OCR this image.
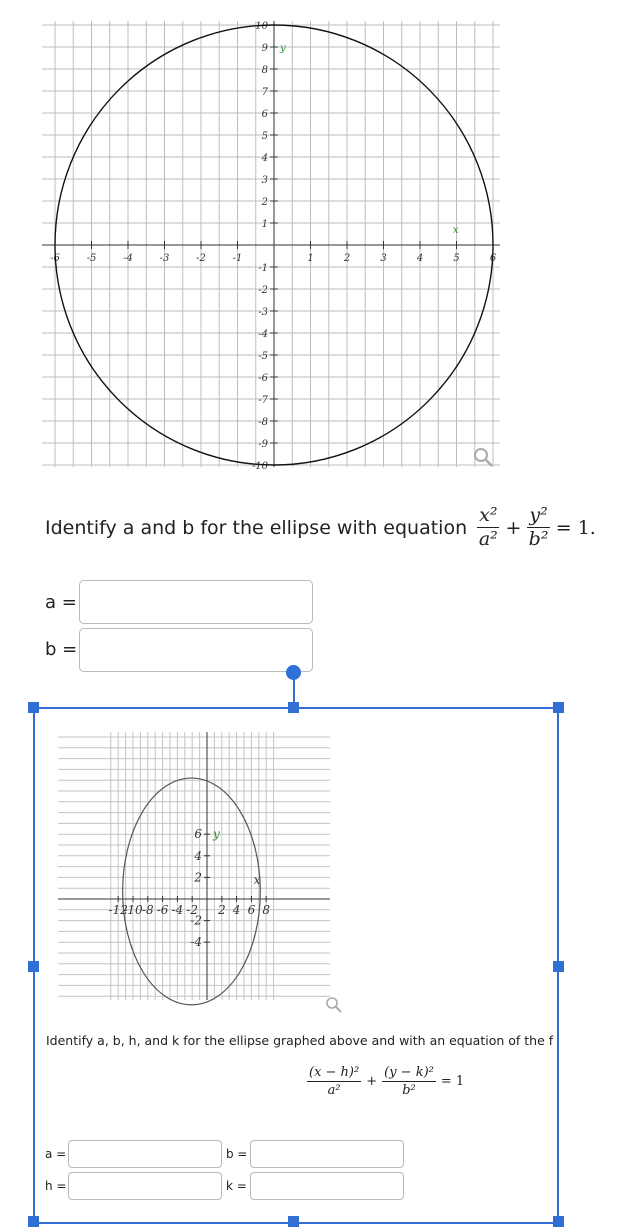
-6	-5	-4	-3	-2	-1	1	2	3	4	5	6
10
9
8
7
6
5
4
3
2
1
-1
-2
-3
-4
-5
-6
-7
-8
-9
-10
y
x
Identify a and b for the ellipse with equation $\frac{\text{x²}}{\text{a²}} + \frac{\text{y²}}{\text{b²}} = 1$.
a =
b =
-12
-10 -8 -6 -4 -2 2 4 6 8
6
4
2
-2
-4
y
x
Identify a, b, h, and k for the ellipse graphed above and with an equation of the f
$\frac{\text{(x − h)²}}{\text{a²}} + \frac{\text{(y − k)²}}{\text{b²}} = 1$
a =	b =
h =	k =
